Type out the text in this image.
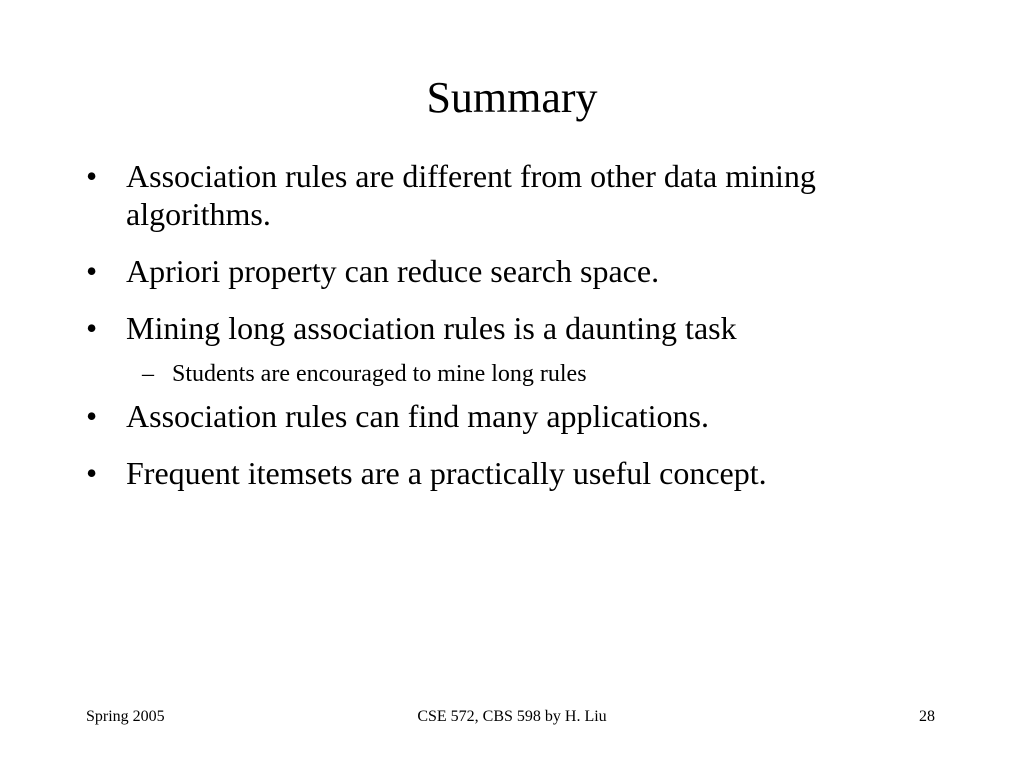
Summary
• Association rules are different from other data mining algorithms.
• Apriori property can reduce search space.
• Mining long association rules is a daunting task
– Students are encouraged to mine long rules
• Association rules can find many applications.
• Frequent itemsets are a practically useful concept.
Spring 2005	CSE 572, CBS 598 by H. Liu	28
